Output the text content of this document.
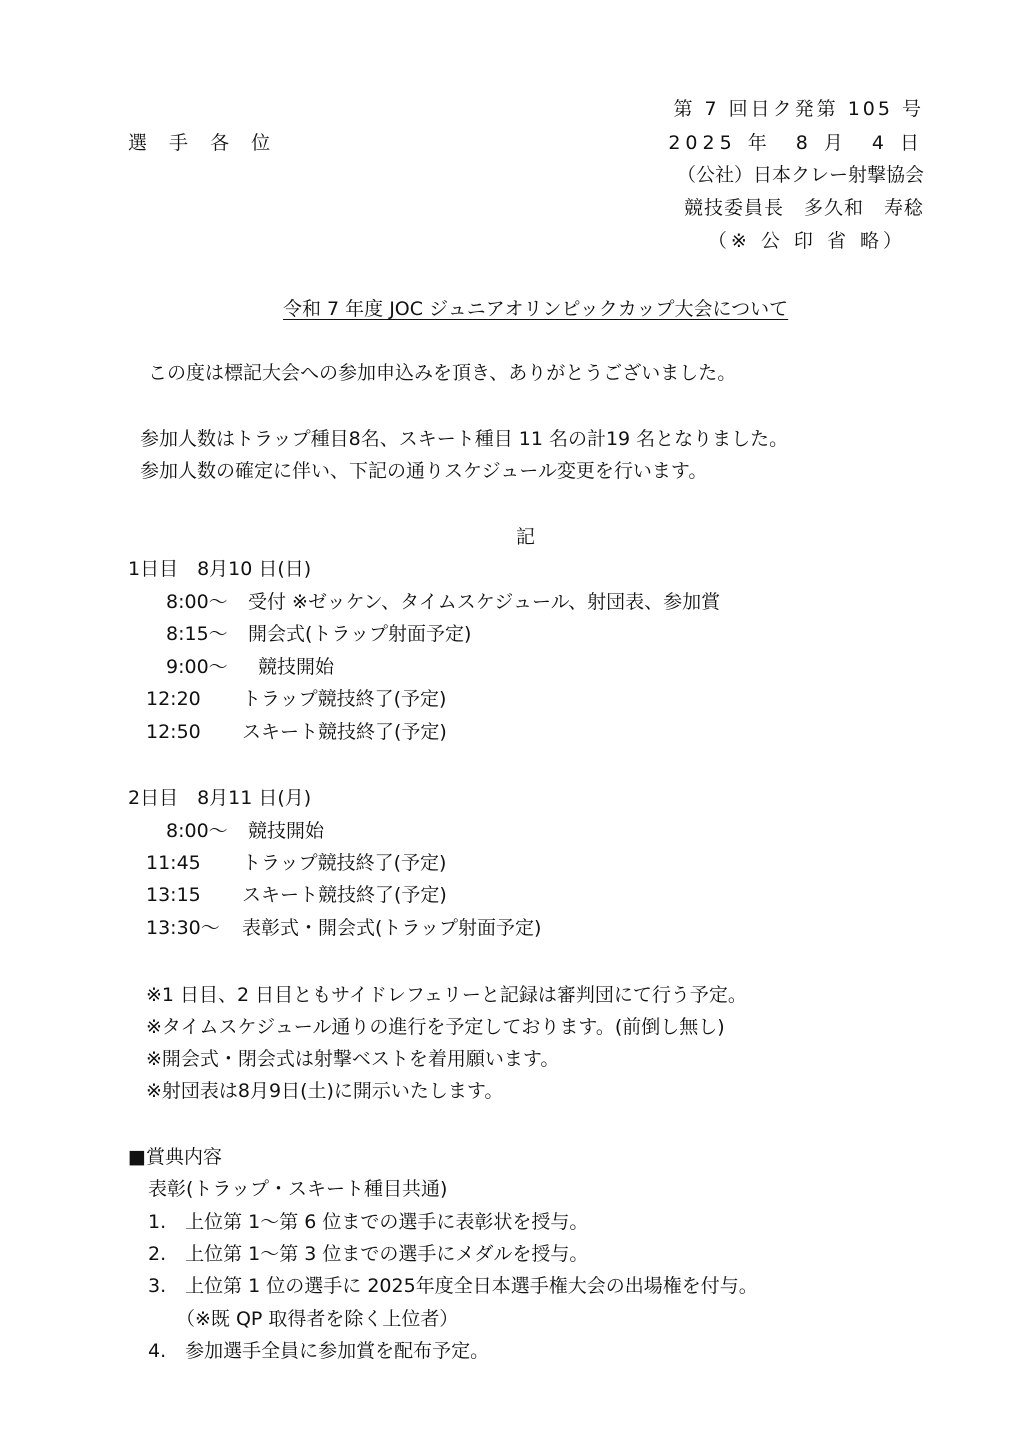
選 手 各 位
第 7 回日ク発第 105 号
2025 年　8 月　4 日
（公社）日本クレー射撃協会
競技委員長　多久和　寿稔
（※ 公 印 省 略）
令和 7 年度 JOC ジュニアオリンピックカップ大会について
この度は標記大会への参加申込みを頂き、ありがとうございました。
参加人数はトラップ種目8名、スキート種目 11 名の計19 名となりました。
参加人数の確定に伴い、下記の通りスケジュール変更を行います。
記
1日目　8月10 日(日)
8:00～ 受付 ※ゼッケン、タイムスケジュール、射団表、参加賞
8:15～ 開会式(トラップ射面予定)
9:00～ 競技開始
12:20 トラップ競技終了(予定)
12:50 スキート競技終了(予定)
2日目　8月11 日(月)
8:00～ 競技開始
11:45 トラップ競技終了(予定)
13:15 スキート競技終了(予定)
13:30～ 表彰式・開会式(トラップ射面予定)
※1 日目、2 日目ともサイドレフェリーと記録は審判団にて行う予定。
※タイムスケジュール通りの進行を予定しております。(前倒し無し)
※開会式・閉会式は射撃ベストを着用願います。
※射団表は8月9日(土)に開示いたします。
■賞典内容
表彰(トラップ・スキート種目共通)
1.　上位第 1～第 6 位までの選手に表彰状を授与。
2.　上位第 1～第 3 位までの選手にメダルを授与。
3.　上位第 1 位の選手に 2025年度全日本選手権大会の出場権を付与。
（※既 QP 取得者を除く上位者）
4.　参加選手全員に参加賞を配布予定。
